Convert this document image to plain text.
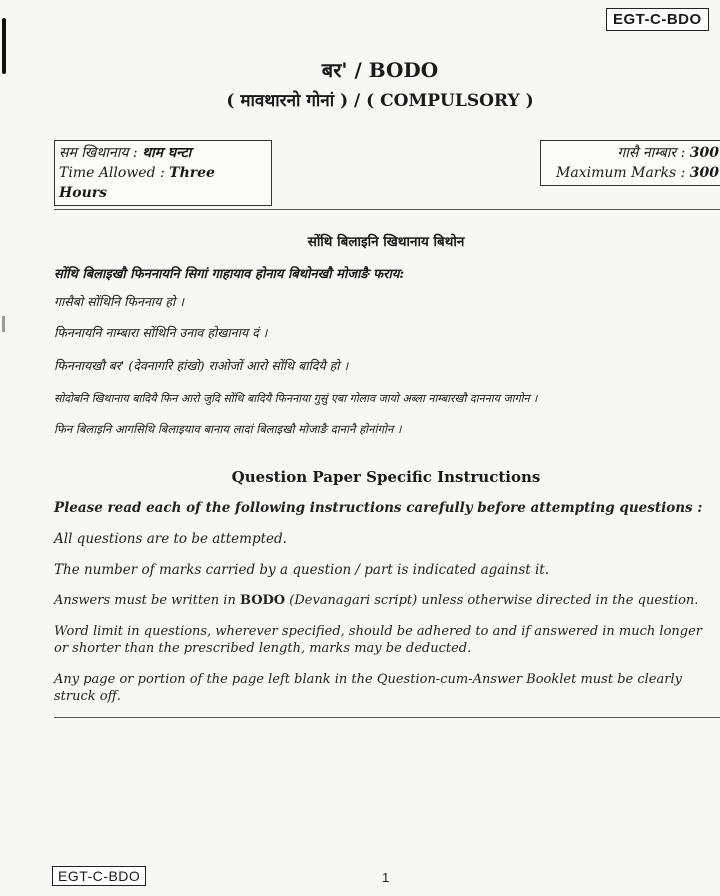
EGT-C-BDO
बर' / BODO
( मावथारनो गोनां ) / ( COMPULSORY )
सम खिथानाय : थाम घन्टा
Time Allowed : Three Hours
गासै नाम्बार : 300
Maximum Marks : 300
सोंथि बिलाइनि खिथानाय बिथोन
सोंथि बिलाइखौ फिननायनि सिगां गाहायाव होनाय बिथोनखौ मोजाङै फराय:
गासैबो सोंथिनि फिननाय हो ।
फिननायनि नाम्बारा सोंथिनि उनाव होखानाय दं ।
फिननायखौ बर' (देवनागरि हांखो) राओजों आरो सोंथि बादियै हो ।
सोदोबनि खिथानाय बादियै फिन आरो जुदि सोंथि बादियै फिननाया गुसुं एबा गोलाव जायो अब्ला नाम्बारखौ दाननाय जागोन ।
फिन बिलाइनि आगसिथि बिलाइयाव बानाय लादां बिलाइखौ मोजाङै दानानै होनांगोन ।
Question Paper Specific Instructions
Please read each of the following instructions carefully before attempting questions :
All questions are to be attempted.
The number of marks carried by a question / part is indicated against it.
Answers must be written in BODO (Devanagari script) unless otherwise directed in the question.
Word limit in questions, wherever specified, should be adhered to and if answered in much longer
or shorter than the prescribed length, marks may be deducted.
Any page or portion of the page left blank in the Question-cum-Answer Booklet must be clearly
struck off.
EGT-C-BDO	1
